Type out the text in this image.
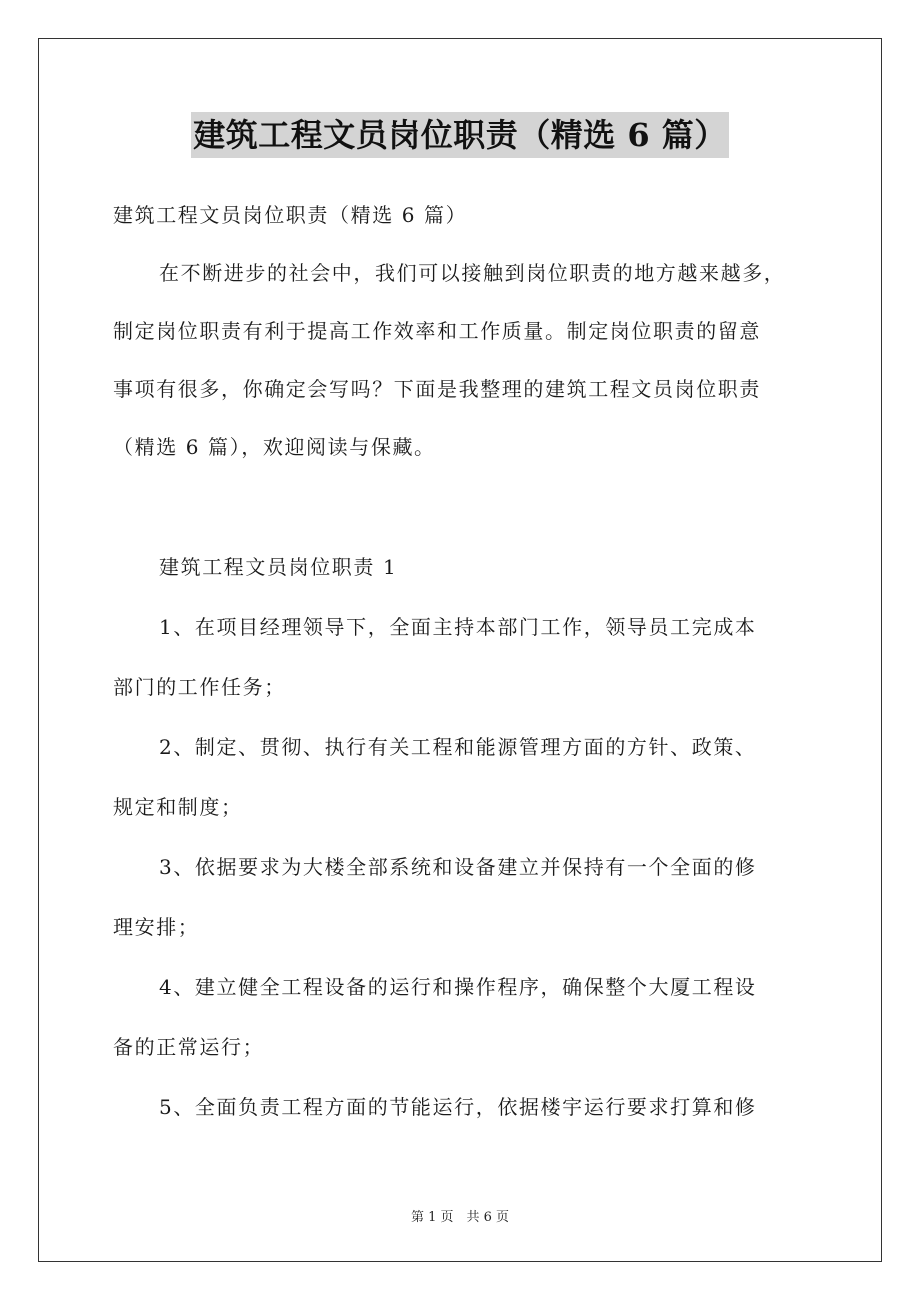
建筑工程文员岗位职责（精选 6 篇）
建筑工程文员岗位职责（精选 6 篇）
在不断进步的社会中，我们可以接触到岗位职责的地方越来越多，
制定岗位职责有利于提高工作效率和工作质量。制定岗位职责的留意
事项有很多，你确定会写吗？下面是我整理的建筑工程文员岗位职责
（精选 6 篇），欢迎阅读与保藏。
建筑工程文员岗位职责 1
1、在项目经理领导下，全面主持本部门工作，领导员工完成本
部门的工作任务；
2、制定、贯彻、执行有关工程和能源管理方面的方针、政策、
规定和制度；
3、依据要求为大楼全部系统和设备建立并保持有一个全面的修
理安排；
4、建立健全工程设备的运行和操作程序，确保整个大厦工程设
备的正常运行；
5、全面负责工程方面的节能运行，依据楼宇运行要求打算和修
第 1 页　共 6 页
